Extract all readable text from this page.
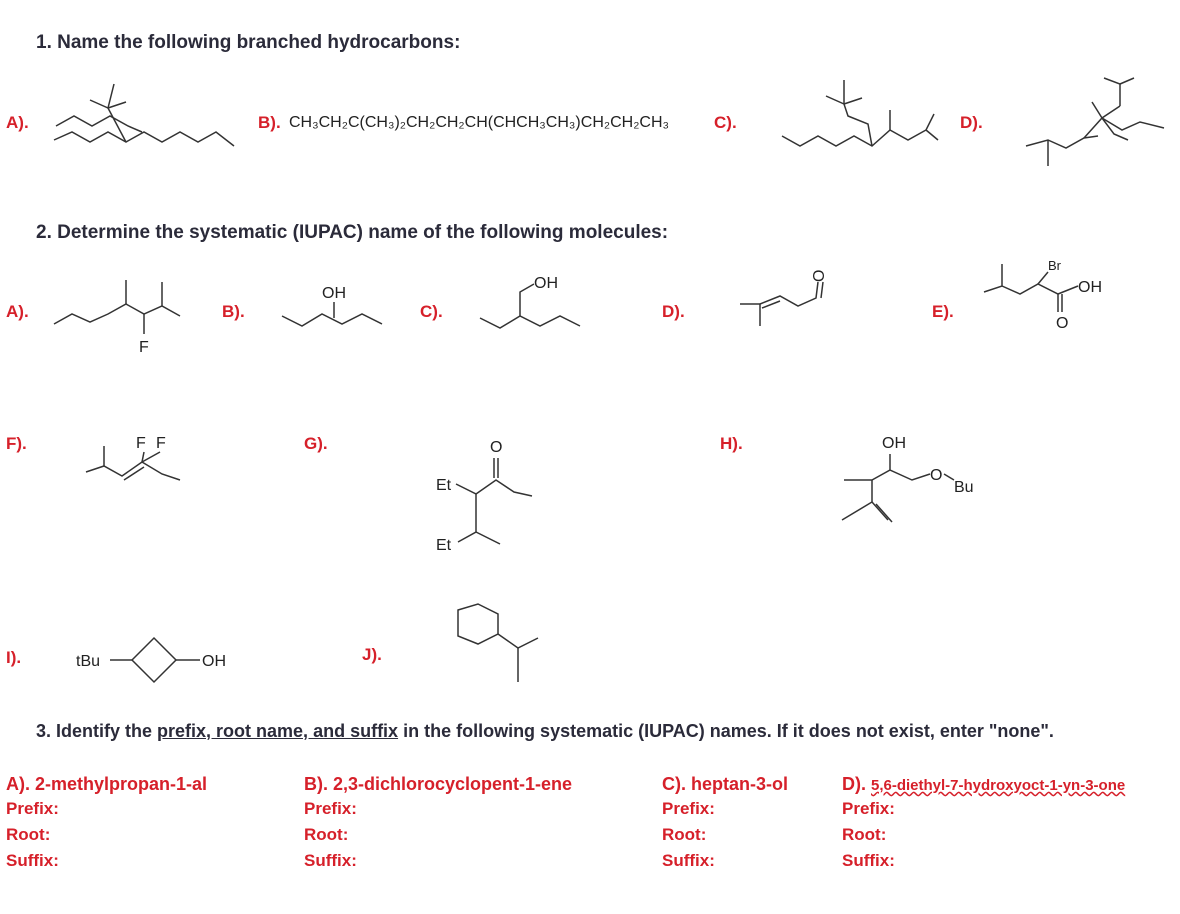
1. Name the following branched hydrocarbons:
A).	B). CH₃CH₂C(CH₃)₂CH₂CH₂CH(CHCH₃CH₃)CH₂CH₂CH₃	C).	D).
2. Determine the systematic (IUPAC) name of the following molecules:
A).
F
B).
OH
C).
OH
D).
O
E).
Br
OH
O
F).	F F	G).
Et
Et
O	H).	OH
O
Bu
I).	tBu	OH	J).
3. Identify the prefix, root name, and suffix in the following systematic (IUPAC) names. If it does not exist, enter "none".
A). 2-methylpropan-1-al
Prefix:
Root:
Suffix:
B). 2,3-dichlorocyclopent-1-ene
Prefix:
Root:
Suffix:
C). heptan-3-ol
Prefix:
Root:
Suffix:
D). 5,6-diethyl-7-hydroxyoct-1-yn-3-one
Prefix:
Root:
Suffix:
